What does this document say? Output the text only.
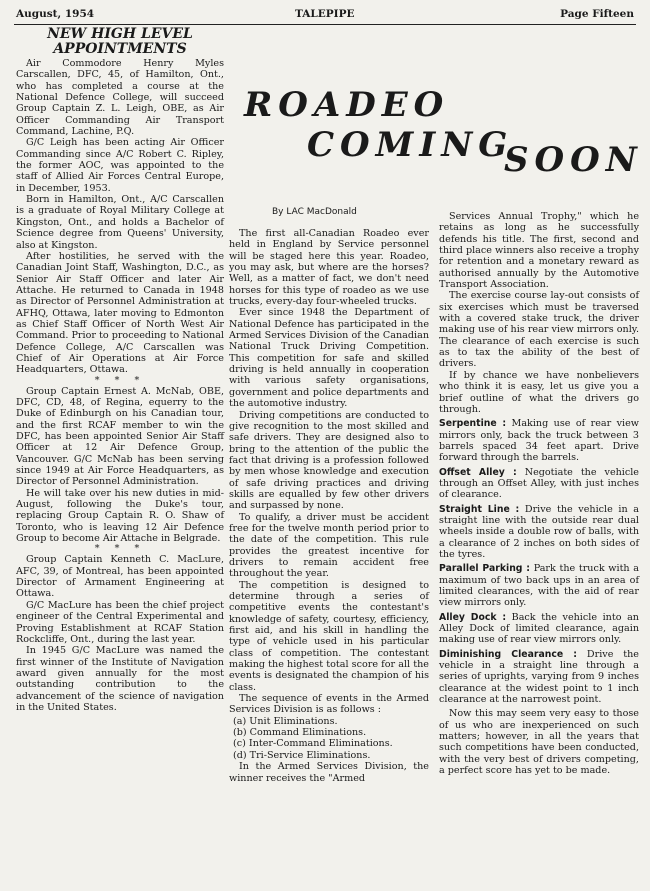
August, 1954	TALEPIPE	Page Fifteen
NEW HIGH LEVEL APPOINTMENTS

Air Commodore Henry Myles Carscallen, DFC, 45, of Hamilton, Ont., who has completed a course at the National Defence College, will succeed Group Captain Z. L. Leigh, OBE, as Air Officer Commanding Air Transport Command, Lachine, P.Q.

G/C Leigh has been acting Air Officer Commanding since A/C Robert C. Ripley, the former AOC, was appointed to the staff of Allied Air Forces Central Europe, in December, 1953.

Born in Hamilton, Ont., A/C Carscallen is a graduate of Royal Military College at Kingston, Ont., and holds a Bachelor of Science degree from Queens' University, also at Kingston.

After hostilities, he served with the Canadian Joint Staff, Washington, D.C., as Senior Air Staff Officer and later Air Attache. He returned to Canada in 1948 as Director of Personnel Administration at AFHQ, Ottawa, later moving to Edmonton as Chief Staff Officer of North West Air Command. Prior to proceeding to National Defence College, A/C Carscallen was Chief of Air Operations at Air Force Headquarters, Ottawa.

* * *

Group Captain Ernest A. McNab, OBE, DFC, CD, 48, of Regina, equerry to the Duke of Edinburgh on his Canadian tour, and the first RCAF member to win the DFC, has been appointed Senior Air Staff Officer at 12 Air Defence Group, Vancouver. G/C McNab has been serving since 1949 at Air Force Headquarters, as Director of Personnel Administration.

He will take over his new duties in mid-August, following the Duke's tour, replacing Group Captain R. O. Shaw of Toronto, who is leaving 12 Air Defence Group to become Air Attache in Belgrade.

* * *

Group Captain Kenneth C. MacLure, AFC, 39, of Montreal, has been appointed Director of Armament Engineering at Ottawa.

G/C MacLure has been the chief project engineer of the Central Experimental and Proving Establishment at RCAF Station Rockcliffe, Ont., during the last year.

In 1945 G/C MacLure was named the first winner of the Institute of Navigation award given annually for the most outstanding contribution to the advancement of the science of navigation in the United States.

ROADEO
COMING
SOON
By LAC MacDonald

The first all-Canadian Roadeo ever held in England by Service personnel will be staged here this year. Roadeo, you may ask, but where are the horses? Well, as a matter of fact, we don't need horses for this type of roadeo as we use trucks, every-day four-wheeled trucks.

Ever since 1948 the Department of National Defence has participated in the Armed Services Division of the Canadian National Truck Driving Competition. This competition for safe and skilled driving is held annually in cooperation with various safety organisations, government and police departments and the automotive industry.

Driving competitions are conducted to give recognition to the most skilled and safe drivers. They are designed also to bring to the attention of the public the fact that driving is a profession followed by men whose knowledge and execution of safe driving practices and driving skills are equalled by few other drivers and surpassed by none.

To qualify, a driver must be accident free for the twelve month period prior to the date of the competition. This rule provides the greatest incentive for drivers to remain accident free throughout the year.

The competition is designed to determine through a series of competitive events the contestant's knowledge of safety, courtesy, efficiency, first aid, and his skill in handling the type of vehicle used in his particular class of competition. The contestant making the highest total score for all the events is designated the champion of his class.

The sequence of events in the Armed Services Division is as follows :

(a) Unit Eliminations.
(b) Command Eliminations.
(c) Inter-Command Eliminations.
(d) Tri-Service Eliminations.

In the Armed Services Division, the winner receives the "Armed

Services Annual Trophy," which he retains as long as he successfully defends his title. The first, second and third place winners also receive a trophy for retention and a monetary reward as authorised annually by the Automotive Transport Association.

The exercise course lay-out consists of six exercises which must be traversed with a covered stake truck, the driver making use of his rear view mirrors only. The clearance of each exercise is such as to tax the ability of the best of drivers.

If by chance we have nonbelievers who think it is easy, let us give you a brief outline of what the drivers go through.

Serpentine : Making use of rear view mirrors only, back the truck between 3 barrels spaced 34 feet apart. Drive forward through the barrels.
Offset Alley : Negotiate the vehicle through an Offset Alley, with just inches of clearance.
Straight Line : Drive the vehicle in a straight line with the outside rear dual wheels inside a double row of balls, with a clearance of 2 inches on both sides of the tyres.
Parallel Parking : Park the truck with a maximum of two back ups in an area of limited clearances, with the aid of rear view mirrors only.
Alley Dock : Back the vehicle into an Alley Dock of limited clearance, again making use of rear view mirrors only.
Diminishing Clearance : Drive the vehicle in a straight line through a series of uprights, varying from 9 inches clearance at the widest point to 1 inch clearance at the narrowest point.

Now this may seem very easy to those of us who are inexperienced on such matters; however, in all the years that such competitions have been conducted, with the very best of drivers competing, a perfect score has yet to be made.
